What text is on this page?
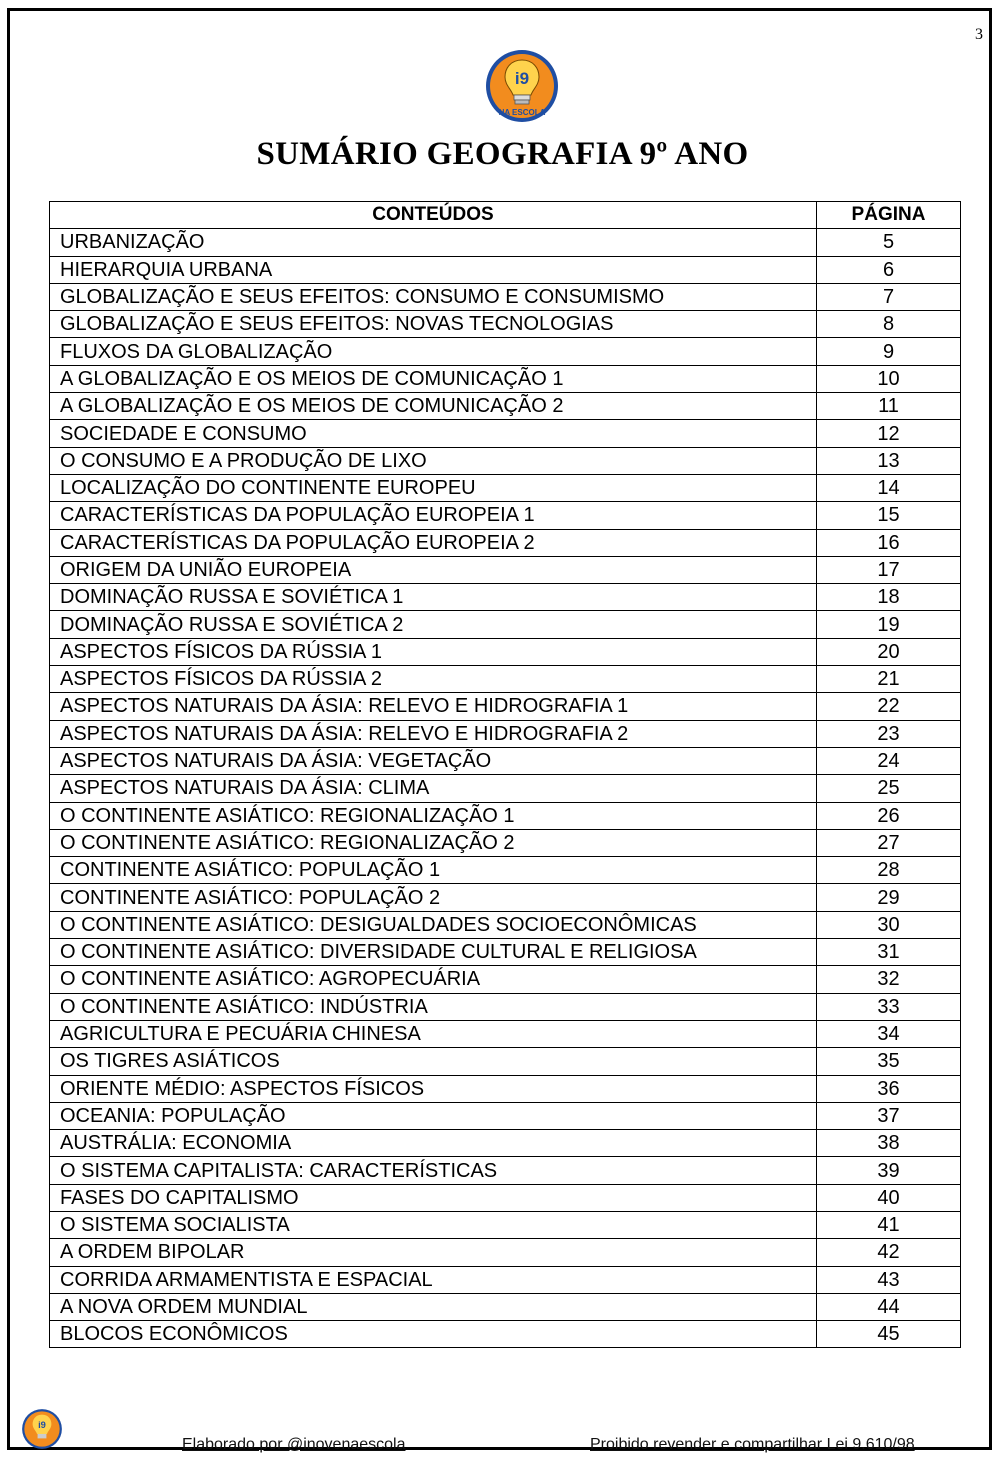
3
i9
NA ESCOLA
SUMÁRIO GEOGRAFIA 9º ANO
CONTEÚDOS	PÁGINA
URBANIZAÇÃO	5
HIERARQUIA URBANA	6
GLOBALIZAÇÃO E SEUS EFEITOS: CONSUMO E CONSUMISMO	7
GLOBALIZAÇÃO E SEUS EFEITOS: NOVAS TECNOLOGIAS	8
FLUXOS DA GLOBALIZAÇÃO	9
A GLOBALIZAÇÃO E OS MEIOS DE COMUNICAÇÃO 1	10
A GLOBALIZAÇÃO E OS MEIOS DE COMUNICAÇÃO 2	11
SOCIEDADE E CONSUMO	12
O CONSUMO E A PRODUÇÃO DE LIXO	13
LOCALIZAÇÃO DO CONTINENTE EUROPEU	14
CARACTERÍSTICAS DA POPULAÇÃO EUROPEIA 1	15
CARACTERÍSTICAS DA POPULAÇÃO EUROPEIA 2	16
ORIGEM DA UNIÃO EUROPEIA	17
DOMINAÇÃO RUSSA E SOVIÉTICA 1	18
DOMINAÇÃO RUSSA E SOVIÉTICA 2	19
ASPECTOS FÍSICOS DA RÚSSIA 1	20
ASPECTOS FÍSICOS DA RÚSSIA 2	21
ASPECTOS NATURAIS DA ÁSIA: RELEVO E HIDROGRAFIA 1	22
ASPECTOS NATURAIS DA ÁSIA: RELEVO E HIDROGRAFIA 2	23
ASPECTOS NATURAIS DA ÁSIA: VEGETAÇÃO	24
ASPECTOS NATURAIS DA ÁSIA: CLIMA	25
O CONTINENTE ASIÁTICO: REGIONALIZAÇÃO 1	26
O CONTINENTE ASIÁTICO: REGIONALIZAÇÃO 2	27
CONTINENTE ASIÁTICO: POPULAÇÃO 1	28
CONTINENTE ASIÁTICO: POPULAÇÃO 2	29
O CONTINENTE ASIÁTICO: DESIGUALDADES SOCIOECONÔMICAS	30
O CONTINENTE ASIÁTICO: DIVERSIDADE CULTURAL E RELIGIOSA	31
O CONTINENTE ASIÁTICO: AGROPECUÁRIA	32
O CONTINENTE ASIÁTICO: INDÚSTRIA	33
AGRICULTURA E PECUÁRIA CHINESA	34
OS TIGRES ASIÁTICOS	35
ORIENTE MÉDIO: ASPECTOS FÍSICOS	36
OCEANIA: POPULAÇÃO	37
AUSTRÁLIA: ECONOMIA	38
O SISTEMA CAPITALISTA: CARACTERÍSTICAS	39
FASES DO CAPITALISMO	40
O SISTEMA SOCIALISTA	41
A ORDEM BIPOLAR	42
CORRIDA ARMAMENTISTA E ESPACIAL	43
A NOVA ORDEM MUNDIAL	44
BLOCOS ECONÔMICOS	45
i9
Elaborado por @inovenaescola	Proibido revender e compartilhar Lei 9.610/98
